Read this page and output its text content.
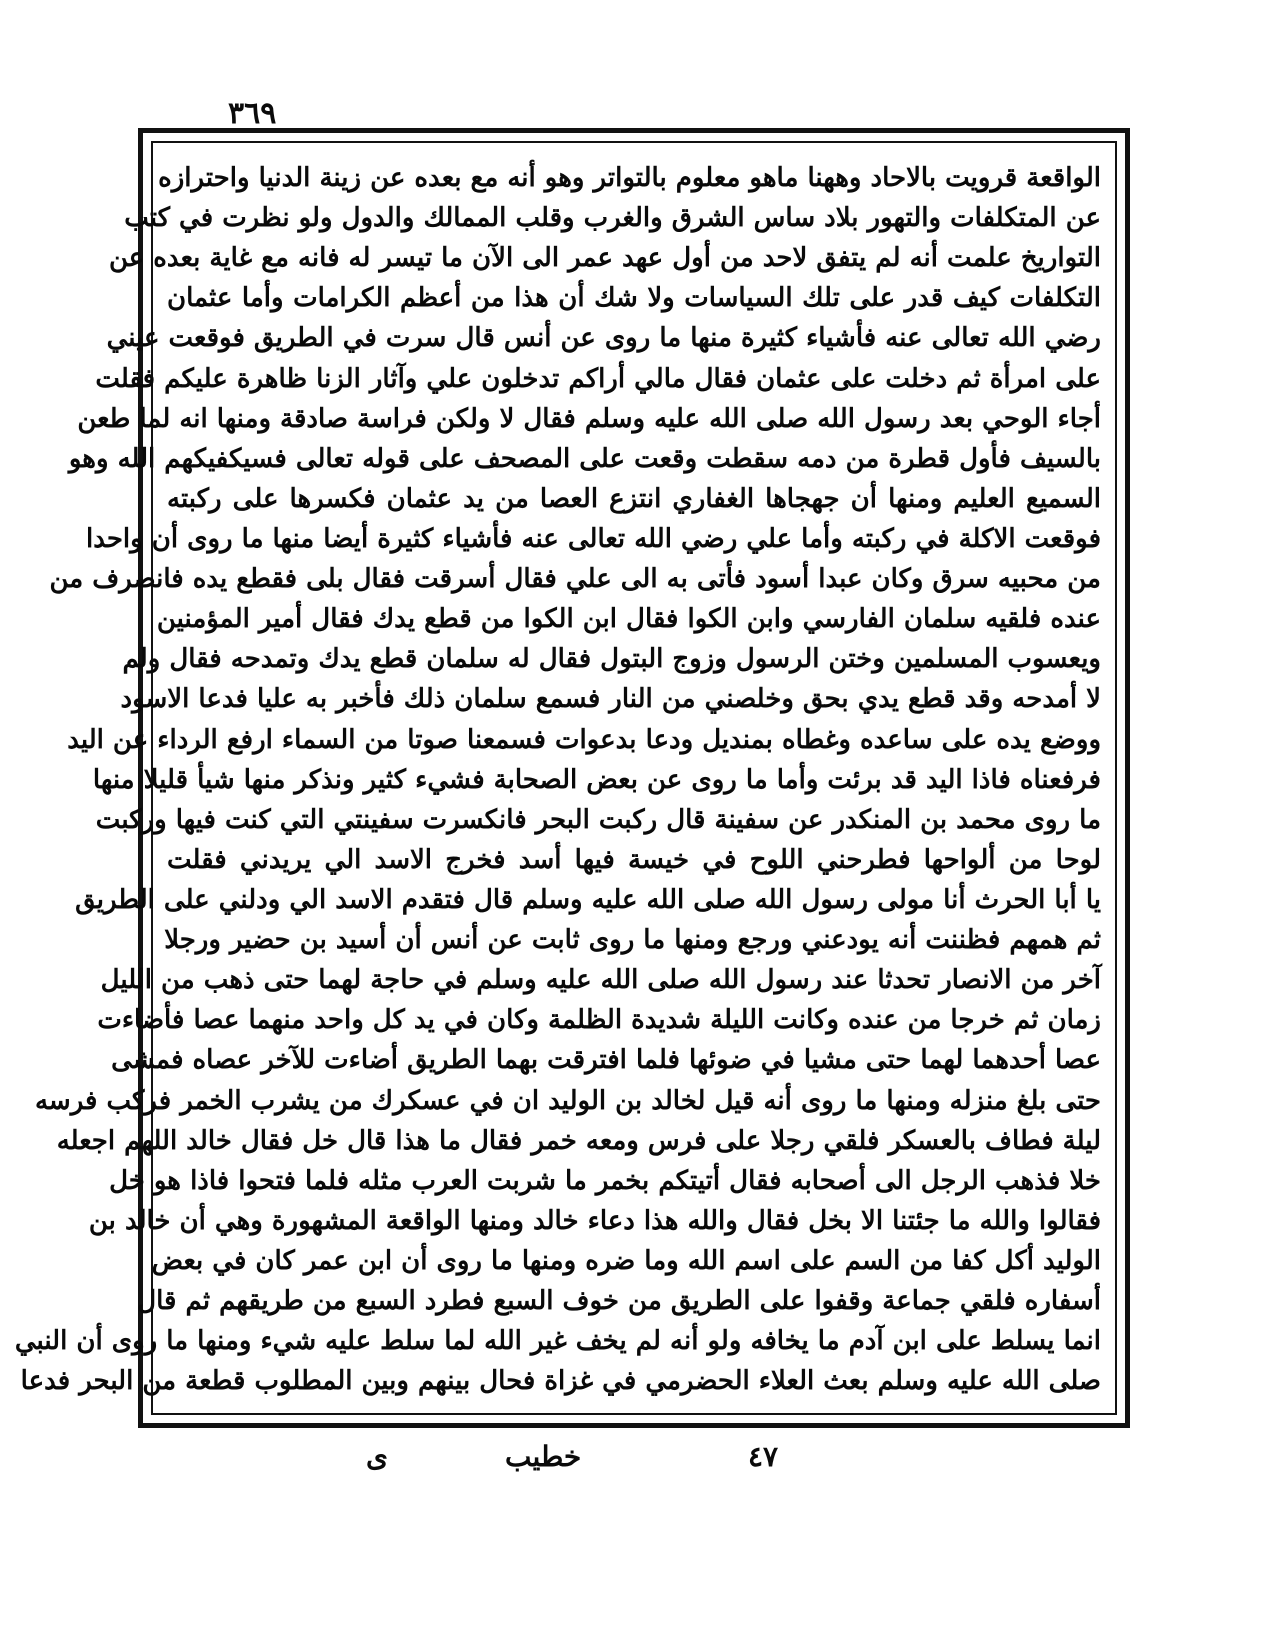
٣٦٩
الواقعة قرويت بالاحاد وههنا ماهو معلوم بالتواتر وهو أنه مع بعده عن زينة الدنيا واحترازه
عن المتكلفات والتهور بلاد ساس الشرق والغرب وقلب الممالك والدول ولو نظرت في كتب
التواريخ علمت أنه لم يتفق لاحد من أول عهد عمر الى الآن ما تيسر له فانه مع غاية بعده عن
التكلفات كيف قدر على تلك السياسات ولا شك أن هذا من أعظم الكرامات وأما عثمان
رضي الله تعالى عنه فأشياء كثيرة منها ما روى عن أنس قال سرت في الطريق فوقعت عيني
على امرأة ثم دخلت على عثمان فقال مالي أراكم تدخلون علي وآثار الزنا ظاهرة عليكم فقلت
أجاء الوحي بعد رسول الله صلى الله عليه وسلم فقال لا ولكن فراسة صادقة ومنها انه لما طعن
بالسيف فأول قطرة من دمه سقطت وقعت على المصحف على قوله تعالى فسيكفيكهم الله وهو
السميع العليم ومنها أن جهجاها الغفاري انتزع العصا من يد عثمان فكسرها على ركبته
فوقعت الاكلة في ركبته وأما علي رضي الله تعالى عنه فأشياء كثيرة أيضا منها ما روى أن واحدا
من محبيه سرق وكان عبدا أسود فأتى به الى علي فقال أسرقت فقال بلى فقطع يده فانصرف من
عنده فلقيه سلمان الفارسي وابن الكوا فقال ابن الكوا من قطع يدك فقال أمير المؤمنين
ويعسوب المسلمين وختن الرسول وزوج البتول فقال له سلمان قطع يدك وتمدحه فقال ولم
لا أمدحه وقد قطع يدي بحق وخلصني من النار فسمع سلمان ذلك فأخبر به عليا فدعا الاسود
ووضع يده على ساعده وغطاه بمنديل ودعا بدعوات فسمعنا صوتا من السماء ارفع الرداء عن اليد
فرفعناه فاذا اليد قد برئت وأما ما روى عن بعض الصحابة فشيء كثير ونذكر منها شيأ قليلا منها
ما روى محمد بن المنكدر عن سفينة قال ركبت البحر فانكسرت سفينتي التي كنت فيها وركبت
لوحا من ألواحها فطرحني اللوح في خيسة فيها أسد فخرج الاسد الي يريدني فقلت
يا أبا الحرث أنا مولى رسول الله صلى الله عليه وسلم قال فتقدم الاسد الي ودلني على الطريق
ثم همهم فظننت أنه يودعني ورجع ومنها ما روى ثابت عن أنس أن أسيد بن حضير ورجلا
آخر من الانصار تحدثا عند رسول الله صلى الله عليه وسلم في حاجة لهما حتى ذهب من الليل
زمان ثم خرجا من عنده وكانت الليلة شديدة الظلمة وكان في يد كل واحد منهما عصا فأضاءت
عصا أحدهما لهما حتى مشيا في ضوئها فلما افترقت بهما الطريق أضاءت للآخر عصاه فمشى
حتى بلغ منزله ومنها ما روى أنه قيل لخالد بن الوليد ان في عسكرك من يشرب الخمر فركب فرسه
ليلة فطاف بالعسكر فلقي رجلا على فرس ومعه خمر فقال ما هذا قال خل فقال خالد اللهم اجعله
خلا فذهب الرجل الى أصحابه فقال أتيتكم بخمر ما شربت العرب مثله فلما فتحوا فاذا هو خل
فقالوا والله ما جئتنا الا بخل فقال والله هذا دعاء خالد ومنها الواقعة المشهورة وهي أن خالد بن
الوليد أكل كفا من السم على اسم الله وما ضره ومنها ما روى أن ابن عمر كان في بعض
أسفاره فلقي جماعة وقفوا على الطريق من خوف السبع فطرد السبع من طريقهم ثم قال
انما يسلط على ابن آدم ما يخافه ولو أنه لم يخف غير الله لما سلط عليه شيء ومنها ما روى أن النبي
صلى الله عليه وسلم بعث العلاء الحضرمي في غزاة فحال بينهم وبين المطلوب قطعة من البحر فدعا
٤٧
خطيب
ى
